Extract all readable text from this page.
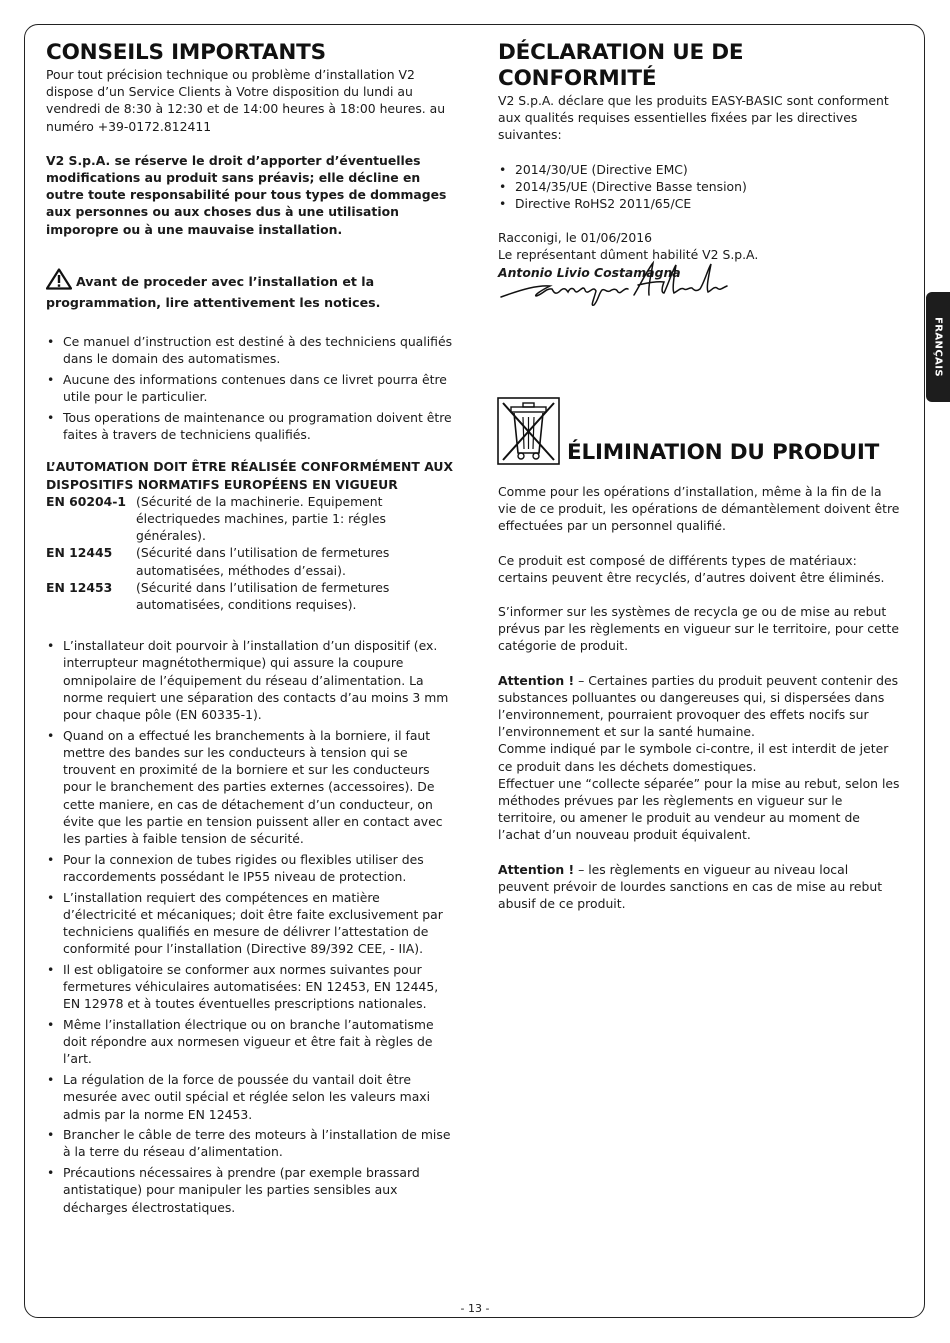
FRANÇAIS
CONSEILS IMPORTANTS

Pour tout précision technique ou problème d’installation V2 dispose d’un Service Clients à Votre disposition du lundi au vendredi de 8:30 à 12:30 et de 14:00 heures à 18:00 heures. au numéro +39-0172.812411

V2 S.p.A. se réserve le droit d’apporter d’éventuelles modifications au produit sans préavis; elle décline en outre toute responsabilité pour tous types de dommages aux personnes ou aux choses dus à une utilisation imporopre ou à une mauvaise installation.

Avant de proceder avec l’installation et la programmation, lire attentivement les notices.

• Ce manuel d’instruction est destiné à des techniciens qualifiés dans le domain des automatismes.
• Aucune des informations contenues dans ce livret pourra être utile pour le particulier.
• Tous operations de maintenance ou programation doivent être faites à travers de techniciens qualifiés.

L’AUTOMATION DOIT ÊTRE RÉALISÉE CONFORMÉMENT AUX DISPOSITIFS NORMATIFS EUROPÉENS EN VIGUEUR

EN 60204-1 (Sécurité de la machinerie. Equipement électriquedes machines, partie 1: régles générales).
EN 12445	(Sécurité dans l’utilisation de fermetures automatisées, méthodes d’essai).
EN 12453	(Sécurité dans l’utilisation de fermetures automatisées, conditions requises).
• L’installateur doit pourvoir à l’installation d’un dispositif (ex. interrupteur magnétothermique) qui assure la coupure omnipolaire de l’équipement du réseau d’alimentation. La norme requiert une séparation des contacts d’au moins 3 mm pour chaque pôle (EN 60335-1).
• Quand on a effectué les branchements à la borniere, il faut mettre des bandes sur les conducteurs à tension qui se trouvent en proximité de la borniere et sur les conducteurs pour le branchement des parties externes (accessoires). De cette maniere, en cas de détachement d’un conducteur, on évite que les partie en tension puissent aller en contact avec les parties à faible tension de sécurité.
• Pour la connexion de tubes rigides ou flexibles utiliser des raccordements possédant le IP55 niveau de protection.
• L’installation requiert des compétences en matière d’électricité et mécaniques; doit être faite exclusivement par techniciens qualifiés en mesure de délivrer l’attestation de conformité pour l’installation (Directive 89/392 CEE, - IIA).
• Il est obligatoire se conformer aux normes suivantes pour fermetures véhiculaires automatisées: EN 12453, EN 12445, EN 12978 et à toutes éventuelles prescriptions nationales.
• Même l’installation électrique ou on branche l’automatisme doit répondre aux normesen vigueur et être fait à règles de l’art.
• La régulation de la force de poussée du vantail doit être mesurée avec outil spécial et réglée selon les valeurs maxi admis par la norme EN 12453.
• Brancher le câble de terre des moteurs à l’installation de mise à la terre du réseau d’alimentation.
• Précautions nécessaires à prendre (par exemple brassard antistatique) pour manipuler les parties sensibles aux décharges électrostatiques.
DÉCLARATION UE DE CONFORMITÉ

V2 S.p.A. déclare que les produits EASY-BASIC sont conforment aux qualités requises essentielles fixées par les directives suivantes:

• 2014/30/UE (Directive EMC)
• 2014/35/UE (Directive Basse tension)
• Directive RoHS2 2011/65/CE

Racconigi, le 01/06/2016

Le représentant dûment habilité V2 S.p.A.

Antonio Livio Costamagna

ÉLIMINATION DU PRODUIT

Comme pour les opérations d’installation, même à la fin de la vie de ce produit, les opérations de démantèlement doivent être effectuées par un personnel qualifié.

Ce produit est composé de différents types de matériaux: certains peuvent être recyclés, d’autres doivent être éliminés.

S’informer sur les systèmes de recycla ge ou de mise au rebut prévus par les règlements en vigueur sur le territoire, pour cette catégorie de produit.

Attention ! – Certaines parties du produit peuvent contenir des substances polluantes ou dangereuses qui, si dispersées dans l’environnement, pourraient provoquer des effets nocifs sur l’environnement et sur la santé humaine.

Comme indiqué par le symbole ci-contre, il est interdit de jeter ce produit dans les déchets domestiques.

Effectuer une “collecte séparée” pour la mise au rebut, selon les méthodes prévues par les règlements en vigueur sur le territoire, ou amener le produit au vendeur au moment de l’achat d’un nouveau produit équivalent.

Attention ! – les règlements en vigueur au niveau local peuvent prévoir de lourdes sanctions en cas de mise au rebut abusif de ce produit.

- 13 -
